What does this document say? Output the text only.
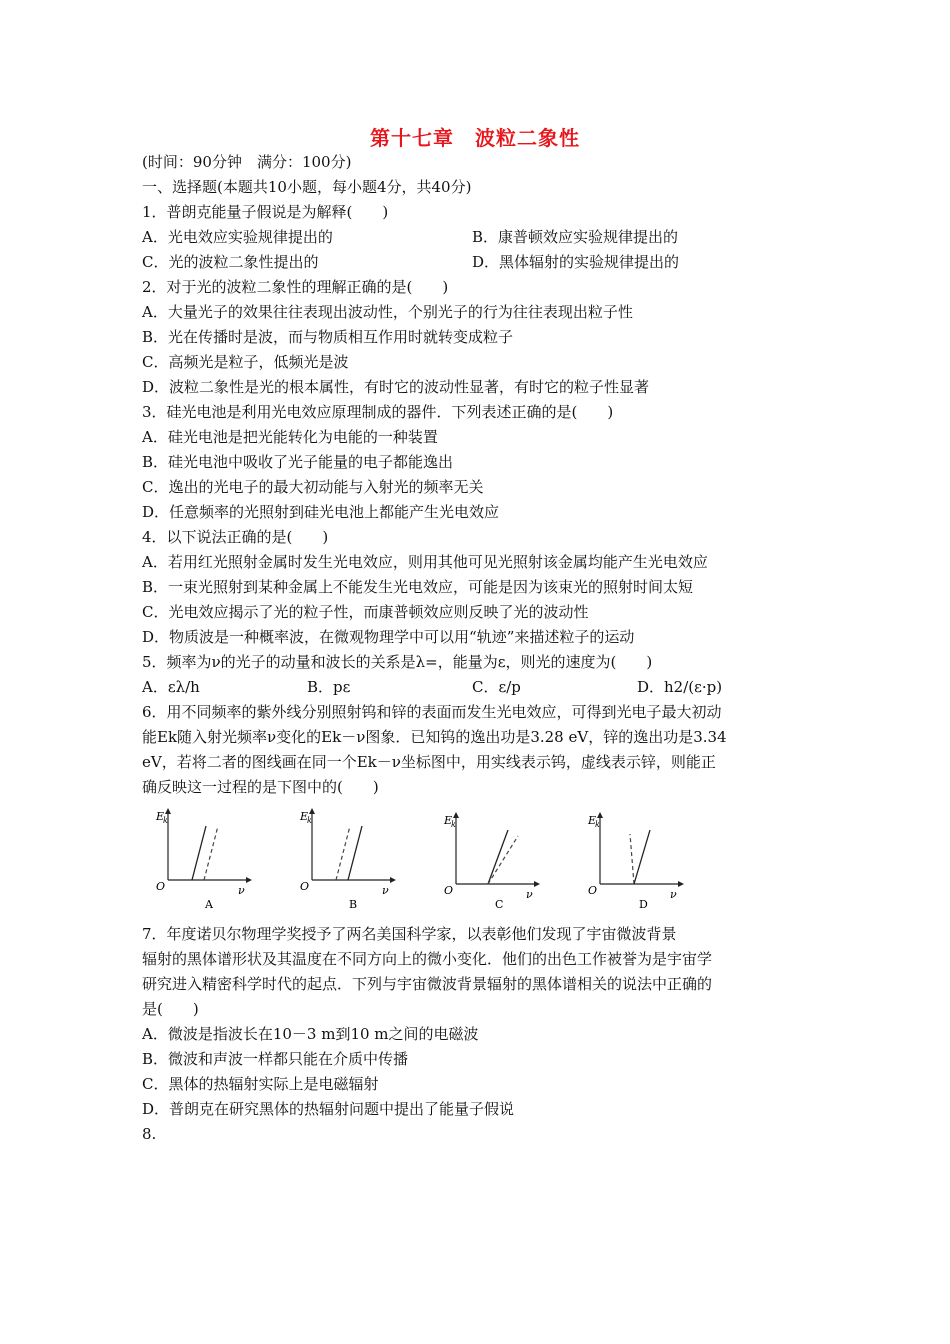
第十七章　波粒二象性
(时间：90分钟　满分：100分)
一、选择题(本题共10小题，每小题4分，共40分)
1．普朗克能量子假说是为解释(　　)
A．光电效应实验规律提出的	B．康普顿效应实验规律提出的
C．光的波粒二象性提出的	D．黑体辐射的实验规律提出的
2．对于光的波粒二象性的理解正确的是(　　)
A．大量光子的效果往往表现出波动性，个别光子的行为往往表现出粒子性
B．光在传播时是波，而与物质相互作用时就转变成粒子
C．高频光是粒子，低频光是波
D．波粒二象性是光的根本属性，有时它的波动性显著，有时它的粒子性显著
3．硅光电池是利用光电效应原理制成的器件．下列表述正确的是(　　)
A．硅光电池是把光能转化为电能的一种装置
B．硅光电池中吸收了光子能量的电子都能逸出
C．逸出的光电子的最大初动能与入射光的频率无关
D．任意频率的光照射到硅光电池上都能产生光电效应
4．以下说法正确的是(　　)
A．若用红光照射金属时发生光电效应，则用其他可见光照射该金属均能产生光电效应
B．一束光照射到某种金属上不能发生光电效应，可能是因为该束光的照射时间太短
C．光电效应揭示了光的粒子性，而康普顿效应则反映了光的波动性
D．物质波是一种概率波，在微观物理学中可以用“轨迹”来描述粒子的运动
5．频率为ν的光子的动量和波长的关系是λ=，能量为ε，则光的速度为(　　)
A．ελ/h	B．pε	C．ε/p	D．h2/(ε·p)
6．用不同频率的紫外线分别照射钨和锌的表面而发生光电效应，可得到光电子最大初动
能Ek随入射光频率ν变化的Ek－ν图象．已知钨的逸出功是3.28 eV，锌的逸出功是3.34
eV，若将二者的图线画在同一个Ek－ν坐标图中，用实线表示钨，虚线表示锌，则能正
确反映这一过程的是下图中的(　　)
E
k
O	ν
A
E
k
O	ν
B
E
k
O	ν
C
E
k
O	ν
D
7．年度诺贝尔物理学奖授予了两名美国科学家，以表彰他们发现了宇宙微波背景
辐射的黑体谱形状及其温度在不同方向上的微小变化．他们的出色工作被誉为是宇宙学
研究进入精密科学时代的起点．下列与宇宙微波背景辐射的黑体谱相关的说法中正确的
是(　　)
A．微波是指波长在10－3 m到10 m之间的电磁波
B．微波和声波一样都只能在介质中传播
C．黑体的热辐射实际上是电磁辐射
D．普朗克在研究黑体的热辐射问题中提出了能量子假说
8.
